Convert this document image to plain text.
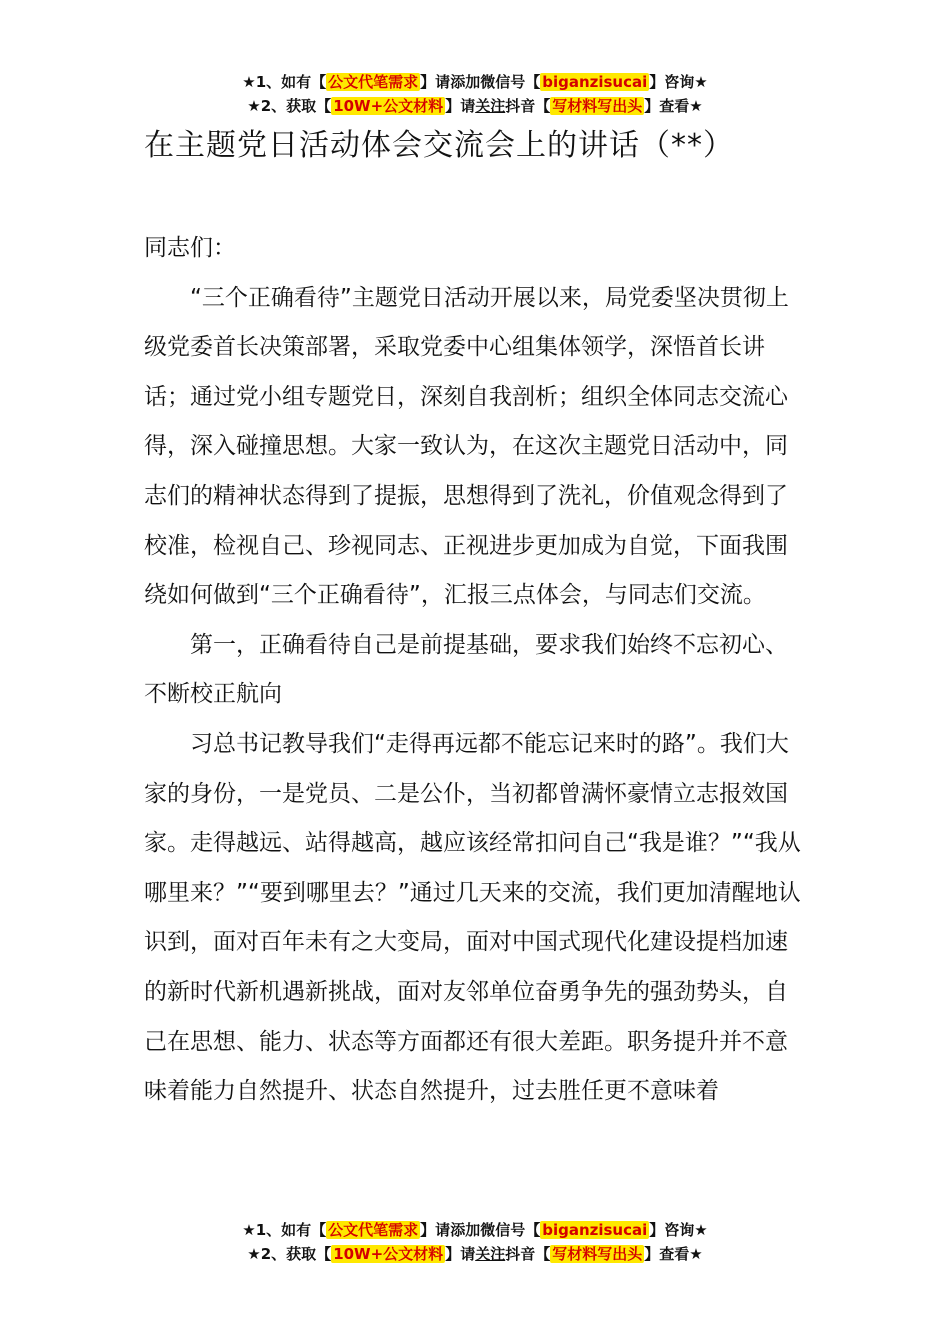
★1、如有【 公文代笔需求 】请添加微信号【 biganzisucai 】咨询★
★2、获取【 10W+公文材料 】请关注抖音【 写材料写出头 】查看★
在主题党日活动体会交流会上的讲话（**）

同志们：

“三个正确看待”主题党日活动开展以来，局党委坚决贯彻上级党委首长决策部署，采取党委中心组集体领学，深悟首长讲话；通过党小组专题党日，深刻自我剖析；组织全体同志交流心得，深入碰撞思想。大家一致认为，在这次主题党日活动中，同志们的精神状态得到了提振，思想得到了洗礼，价值观念得到了校准，检视自己、珍视同志、正视进步更加成为自觉，下面我围绕如何做到“三个正确看待”，汇报三点体会，与同志们交流。

第一，正确看待自己是前提基础，要求我们始终不忘初心、不断校正航向

习总书记教导我们“走得再远都不能忘记来时的路”。我们大家的身份，一是党员、二是公仆，当初都曾满怀豪情立志报效国家。走得越远、站得越高，越应该经常扣问自己“我是谁？”“我从哪里来？”“要到哪里去？”通过几天来的交流，我们更加清醒地认识到，面对百年未有之大变局，面对中国式现代化建设提档加速的新时代新机遇新挑战，面对友邻单位奋勇争先的强劲势头，自己在思想、能力、状态等方面都还有很大差距。职务提升并不意味着能力自然提升、状态自然提升，过去胜任更不意味着

★1、如有【 公文代笔需求 】请添加微信号【 biganzisucai 】咨询★
★2、获取【 10W+公文材料 】请关注抖音【 写材料写出头 】查看★
